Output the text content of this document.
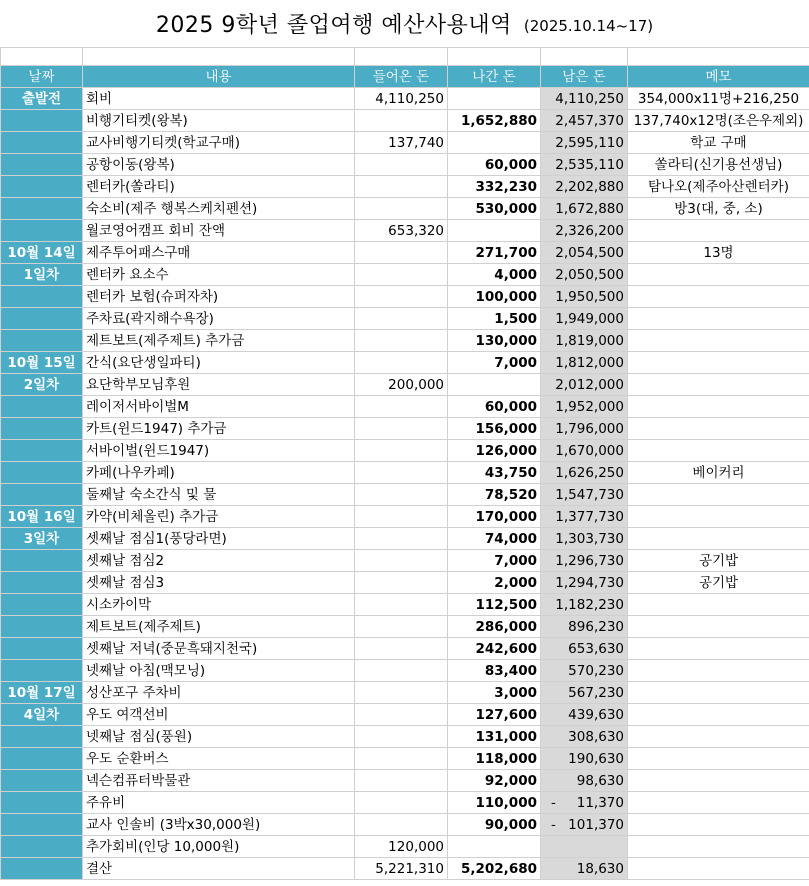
2025 9학년 졸업여행 예산사용내역 (2025.10.14~17)

날짜	내용	들어온 돈	나간 돈	남은 돈	메모
출발전	회비	4,110,250		4,110,250	354,000x11명+216,250
	비행기티켓(왕복)		1,652,880	2,457,370	137,740x12명(조은우제외)
	교사비행기티켓(학교구매)	137,740		2,595,110	학교 구매
	공항이동(왕복)		60,000	2,535,110	쏠라티(신기용선생님)
	렌터카(쏠라티)		332,230	2,202,880	탐나오(제주아산렌터카)
	숙소비(제주 행복스케치펜션)		530,000	1,672,880	방3(대, 중, 소)
	월코영어캠프 회비 잔액	653,320		2,326,200	
10월 14일	제주투어패스구매		271,700	2,054,500	13명
1일차	렌터카 요소수		4,000	2,050,500	
	렌터카 보험(슈퍼자차)		100,000	1,950,500	
	주차료(곽지해수욕장)		1,500	1,949,000	
	제트보트(제주제트) 추가금		130,000	1,819,000	
10월 15일	간식(요단생일파티)		7,000	1,812,000	
2일차	요단학부모님후원	200,000		2,012,000	
	레이저서바이벌M		60,000	1,952,000	
	카트(윈드1947) 추가금		156,000	1,796,000	
	서바이벌(윈드1947)		126,000	1,670,000	
	카페(나우카페)		43,750	1,626,250	베이커리
	둘째날 숙소간식 및 물		78,520	1,547,730	
10월 16일	카약(비체올린) 추가금		170,000	1,377,730	
3일차	셋째날 점심1(풍당라면)		74,000	1,303,730	
	셋째날 점심2		7,000	1,296,730	공기밥
	셋째날 점심3		2,000	1,294,730	공기밥
	시소카이막		112,500	1,182,230	
	제트보트(제주제트)		286,000	896,230	
	셋째날 저녁(중문흑돼지천국)		242,600	653,630	
	넷째날 아침(맥모닝)		83,400	570,230	
10월 17일	성산포구 주차비		3,000	567,230	
4일차	우도 여객선비		127,600	439,630	
	넷째날 점심(풍원)		131,000	308,630	
	우도 순환버스		118,000	190,630	
	넥슨컴퓨터박물관		92,000	98,630	
	주유비		110,000	- 11,370	
	교사 인솔비 (3박x30,000원)		90,000	- 101,370	
	추가회비(인당 10,000원)	120,000			
	결산	5,221,310	5,202,680	18,630	
